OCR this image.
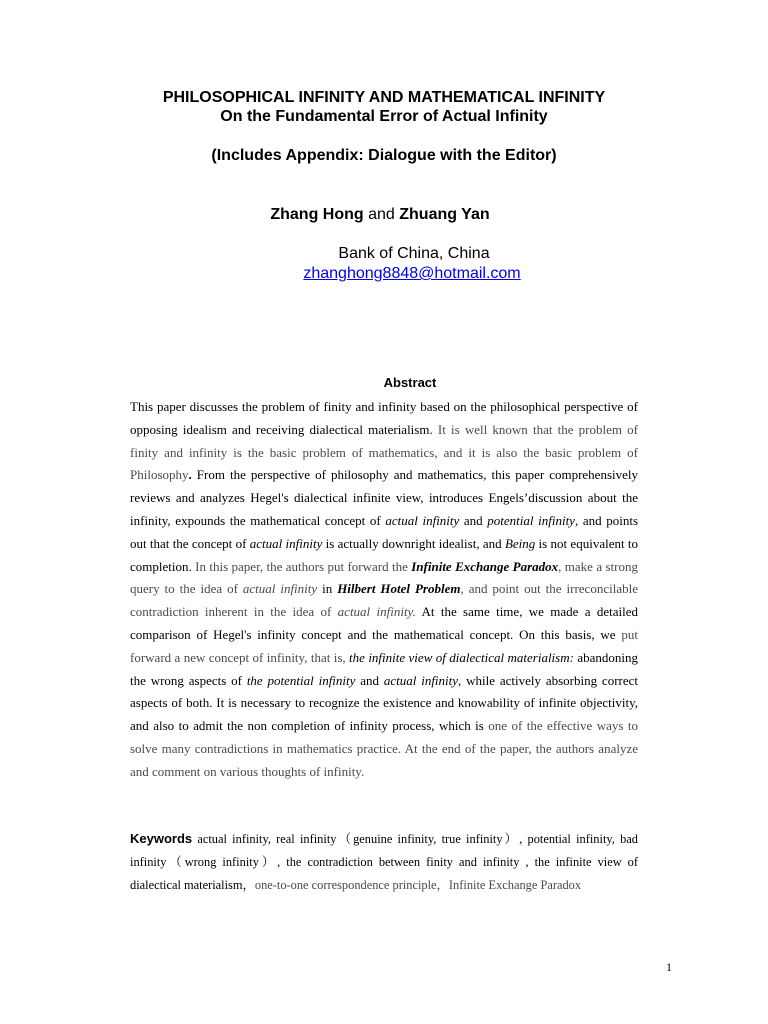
PHILOSOPHICAL INFINITY AND MATHEMATICAL INFINITY
On the Fundamental Error of Actual Infinity
(Includes Appendix: Dialogue with the Editor)
Zhang Hong and Zhuang Yan
Bank of China, China
zhanghong8848@hotmail.com
Abstract
This paper discusses the problem of finity and infinity based on the philosophical perspective of opposing idealism and receiving dialectical materialism. It is well known that the problem of finity and infinity is the basic problem of mathematics, and it is also the basic problem of Philosophy. From the perspective of philosophy and mathematics, this paper comprehensively reviews and analyzes Hegel's dialectical infinite view, introduces Engels’discussion about the infinity, expounds the mathematical concept of actual infinity and potential infinity, and points out that the concept of actual infinity is actually downright idealist, and Being is not equivalent to completion. In this paper, the authors put forward the Infinite Exchange Paradox, make a strong query to the idea of actual infinity in Hilbert Hotel Problem, and point out the irreconcilable contradiction inherent in the idea of actual infinity. At the same time, we made a detailed comparison of Hegel's infinity concept and the mathematical concept. On this basis, we put forward a new concept of infinity, that is, the infinite view of dialectical materialism: abandoning the wrong aspects of the potential infinity and actual infinity, while actively absorbing correct aspects of both. It is necessary to recognize the existence and knowability of infinite objectivity, and also to admit the non completion of infinity process, which is one of the effective ways to solve many contradictions in mathematics practice. At the end of the paper, the authors analyze and comment on various thoughts of infinity.
Keywords actual infinity, real infinity（genuine infinity, true infinity）, potential infinity, bad infinity（wrong infinity）, the contradiction between finity and infinity , the infinite view of dialectical materialism，one-to-one correspondence principle，Infinite Exchange Paradox
1
